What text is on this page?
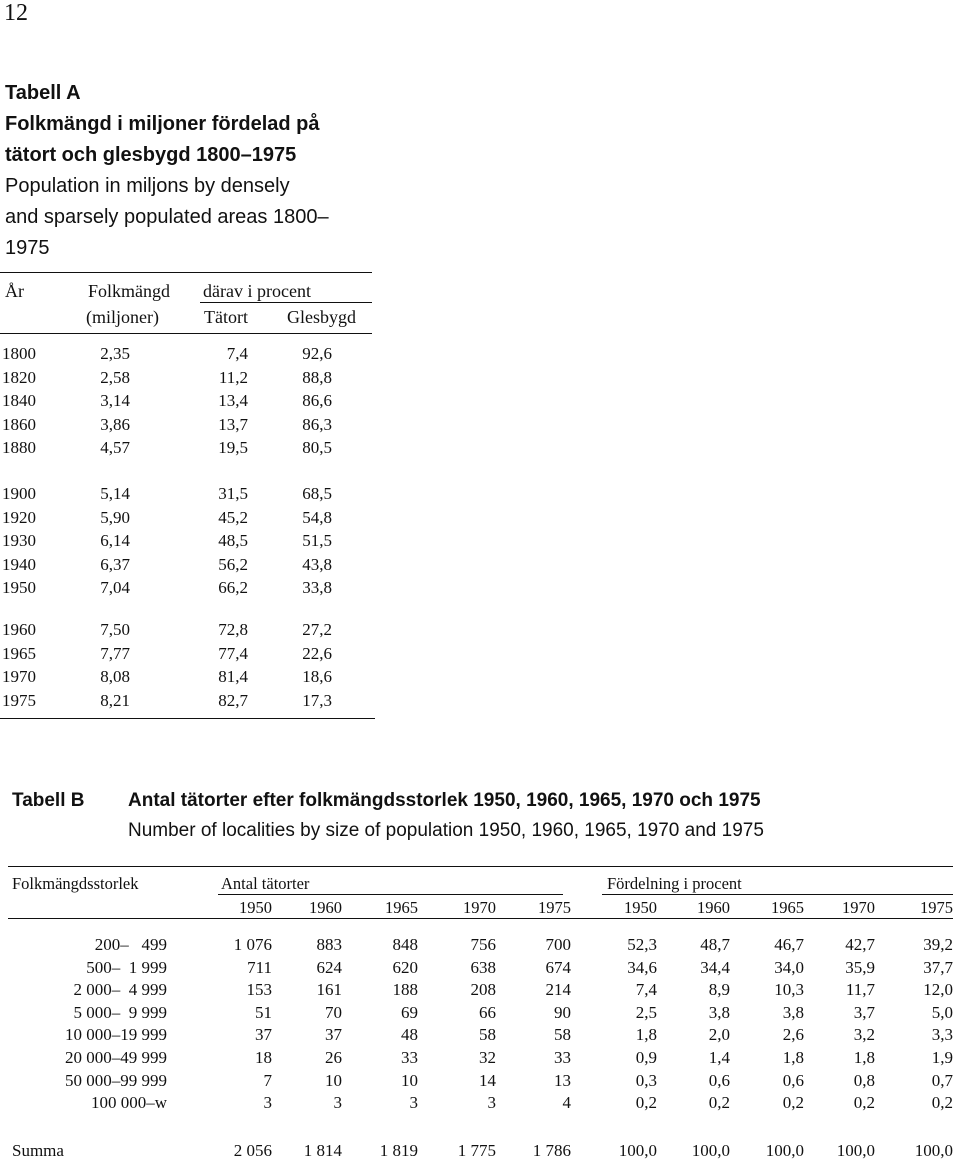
12
Tabell A
Folkmängd i miljoner fördelad på
tätort och glesbygd 1800–1975
Population in miljons by densely
and sparsely populated areas 1800–
1975
År	Folkmängd
(miljoner)
därav i procent
Tätort Glesbygd
1800	2,35	7,4	92,6
1820	2,58	11,2	88,8
1840	3,14	13,4	86,6
1860	3,86	13,7	86,3
1880	4,57	19,5	80,5
1900	5,14	31,5	68,5
1920	5,90	45,2	54,8
1930	6,14	48,5	51,5
1940	6,37	56,2	43,8
1950	7,04	66,2	33,8
1960	7,50	72,8	27,2
1965	7,77	77,4	22,6
1970	8,08	81,4	18,6
1975	8,21	82,7	17,3
Tabell B Antal tätorter efter folkmängdsstorlek 1950, 1960, 1965, 1970 och 1975
Number of localities by size of population 1950, 1960, 1965, 1970 and 1975
Folkmängdsstorlek	Antal tätorter	Fördelning i procent
1950	1960	1965	1970	1975	1950	1960	1965	1970	1975
200–   499	1 076	883	848	756	700	52,3	48,7	46,7	42,7	39,2
500–  1 999	711	624	620	638	674	34,6	34,4	34,0	35,9	37,7
2 000–  4 999	153	161	188	208	214	7,4	8,9	10,3	11,7	12,0
5 000–  9 999	51	70	69	66	90	2,5	3,8	3,8	3,7	5,0
10 000–19 999	37	37	48	58	58	1,8	2,0	2,6	3,2	3,3
20 000–49 999	18	26	33	32	33	0,9	1,4	1,8	1,8	1,9
50 000–99 999	7	10	10	14	13	0,3	0,6	0,6	0,8	0,7
100 000–w	3	3	3	3	4	0,2	0,2	0,2	0,2	0,2
Summa	2 056	1 814	1 819	1 775	1 786	100,0	100,0	100,0	100,0	100,0
